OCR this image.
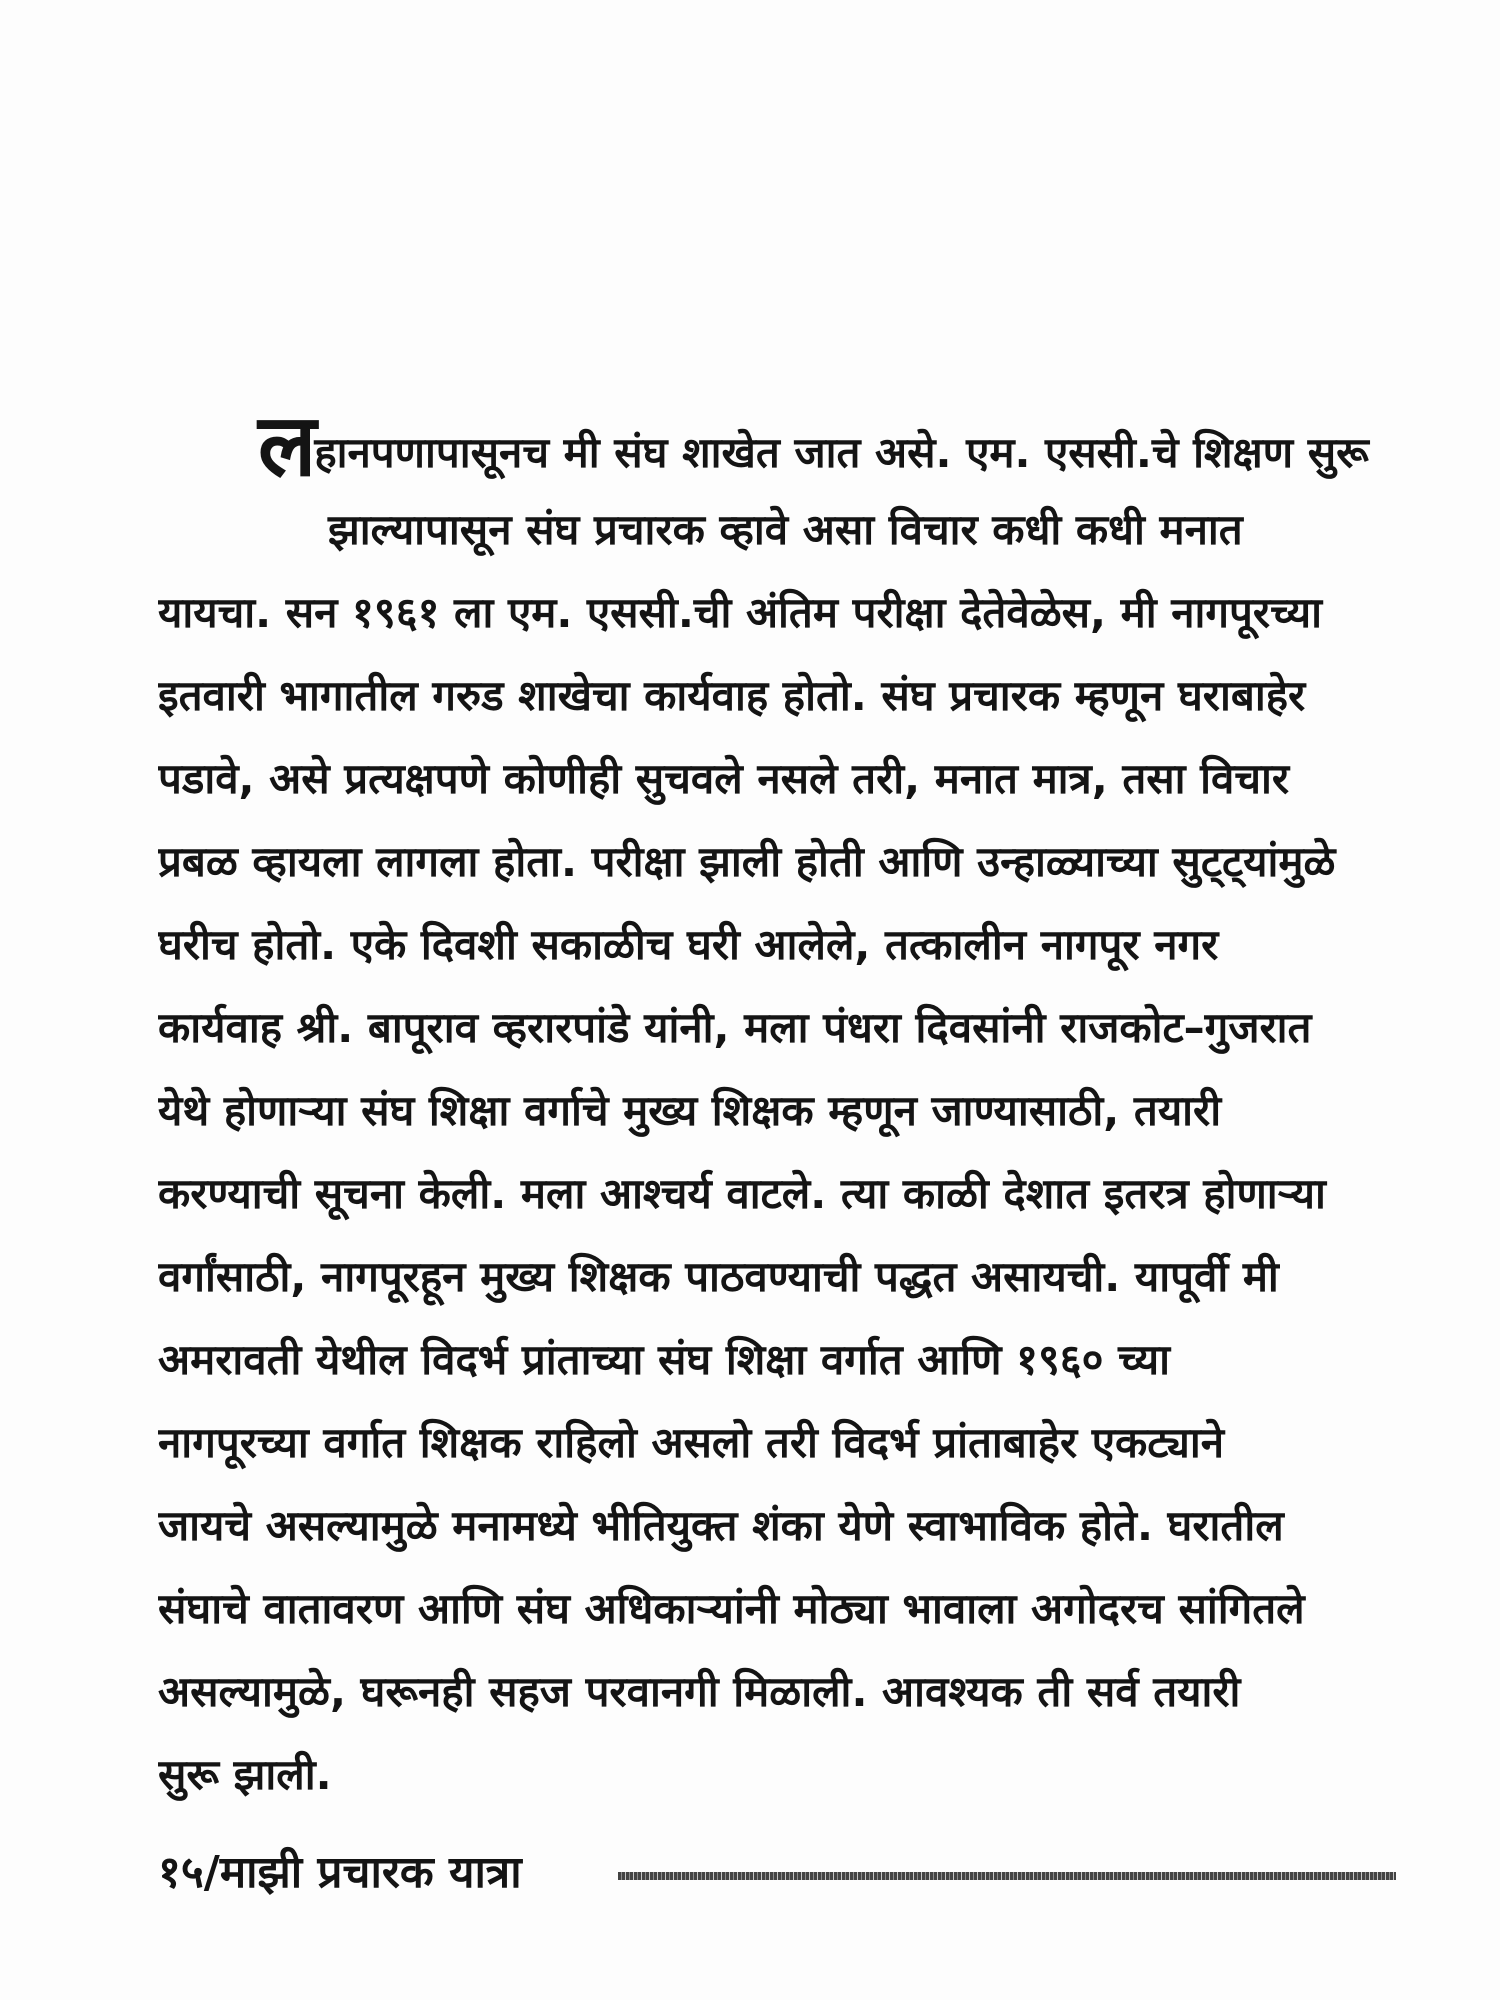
लहानपणापासूनच मी संघ शाखेत जात असे. एम. एससी.चे शिक्षण सुरू
झाल्यापासून संघ प्रचारक व्हावे असा विचार कधी कधी मनात
यायचा. सन १९६१ ला एम. एससी.ची अंतिम परीक्षा देतेवेळेस, मी नागपूरच्या
इतवारी भागातील गरुड शाखेचा कार्यवाह होतो. संघ प्रचारक म्हणून घराबाहेर
पडावे, असे प्रत्यक्षपणे कोणीही सुचवले नसले तरी, मनात मात्र, तसा विचार
प्रबळ व्हायला लागला होता. परीक्षा झाली होती आणि उन्हाळ्याच्या सुट्ट्यांमुळे
घरीच होतो. एके दिवशी सकाळीच घरी आलेले, तत्कालीन नागपूर नगर
कार्यवाह श्री. बापूराव व्हरारपांडे यांनी, मला पंधरा दिवसांनी राजकोट–गुजरात
येथे होणाऱ्या संघ शिक्षा वर्गाचे मुख्य शिक्षक म्हणून जाण्यासाठी, तयारी
करण्याची सूचना केली. मला आश्चर्य वाटले. त्या काळी देशात इतरत्र होणाऱ्या
वर्गांसाठी, नागपूरहून मुख्य शिक्षक पाठवण्याची पद्धत असायची. यापूर्वी मी
अमरावती येथील विदर्भ प्रांताच्या संघ शिक्षा वर्गात आणि १९६० च्या
नागपूरच्या वर्गात शिक्षक राहिलो असलो तरी विदर्भ प्रांताबाहेर एकट्याने
जायचे असल्यामुळे मनामध्ये भीतियुक्त शंका येणे स्वाभाविक होते. घरातील
संघाचे वातावरण आणि संघ अधिकाऱ्यांनी मोठ्या भावाला अगोदरच सांगितले
असल्यामुळे, घरूनही सहज परवानगी मिळाली. आवश्यक ती सर्व तयारी
सुरू झाली.
१५/माझी प्रचारक यात्रा
